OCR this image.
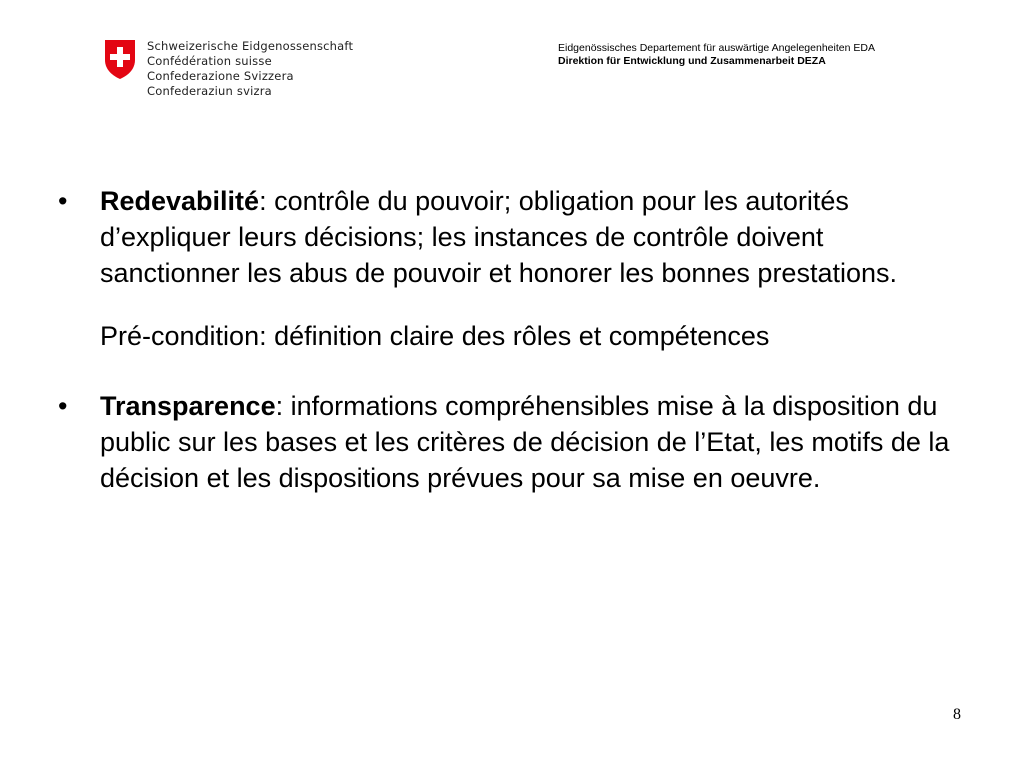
Schweizerische Eidgenossenschaft
Confédération suisse
Confederazione Svizzera
Confederaziun svizra
Eidgenössisches Departement für auswärtige Angelegenheiten EDA
Direktion für Entwicklung und Zusammenarbeit DEZA
•	Redevabilité: contrôle du pouvoir; obligation pour les autorités d’expliquer leurs décisions; les instances de contrôle doivent sanctionner les abus de pouvoir et honorer les bonnes prestations.
Pré-condition: définition claire des rôles et compétences
•	Transparence: informations compréhensibles mise à la disposition du public sur les bases et les critères de décision de l’Etat, les motifs de la décision et les dispositions prévues pour sa mise en oeuvre.
8
